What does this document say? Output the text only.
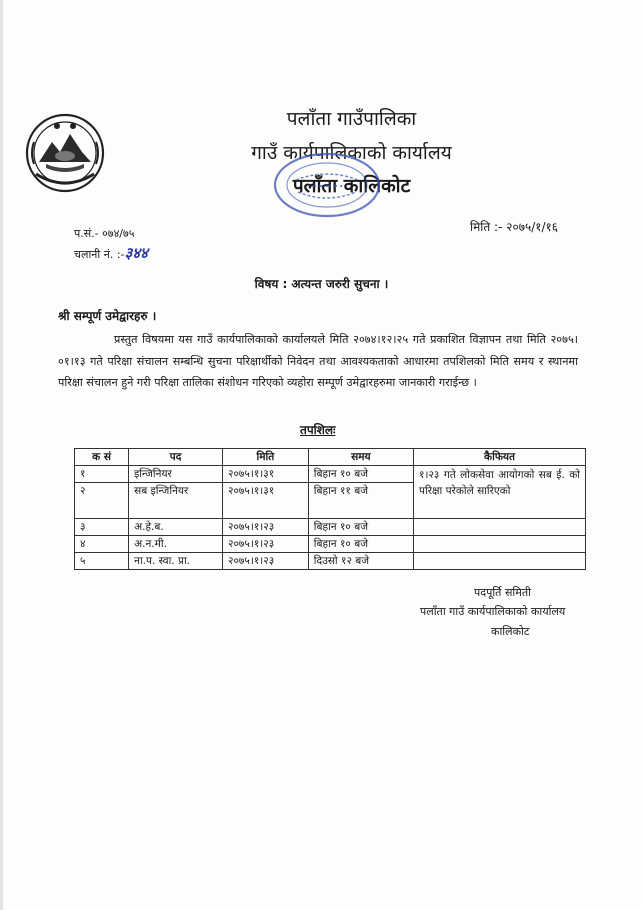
पलाँता गाउँपालिका
गाउँ कार्यपालिकाको कार्यालय
पलाँता कालिकोट
प.सं.- ०७४/७५
चलानी नं. :-३४४
मिति :- २०७५/१/१६
विषय : अत्यन्त जरुरी सुचना ।
श्री सम्पूर्ण उमेद्वारहरु ।
प्रस्तुत विषयमा यस गाउँ कार्यपालिकाको कार्यालयले मिति २०७४।१२।२५ गते प्रकाशित विज्ञापन तथा मिति २०७५।०१।१३ गते परिक्षा संचालन सम्बन्धि सुचना परिक्षार्थीको निवेदन तथा आवश्यकताको आधारमा तपशिलको मिति समय र स्थानमा परिक्षा संचालन हुने गरी परिक्षा तालिका संशोधन गरिएको व्यहोरा सम्पूर्ण उमेद्वारहरुमा जानकारी गराईन्छ ।
तपशिलः
क सं	पद	मिति	समय	कैफियत
१	इन्जिनियर	२०७५।१।३१	बिहान १० बजे	१।२३ गते लोकसेवा आयोगको सब ई. को परिक्षा परेकोले सारिएको
२	सब इन्जिनियर	२०७५।१।३१	बिहान ११ बजे	
३	अ.हे.ब.	२०७५।१।२३	बिहान १० बजे	
४	अ.न.मी.	२०७५।१।२३	बिहान १० बजे	
५	ना.प. स्वा. प्रा.	२०७५।१।२३	दिउसो १२ बजे	
पदपूर्ति समिती
पलाँता गाउँ कार्यपालिकाको कार्यालय
कालिकोट
